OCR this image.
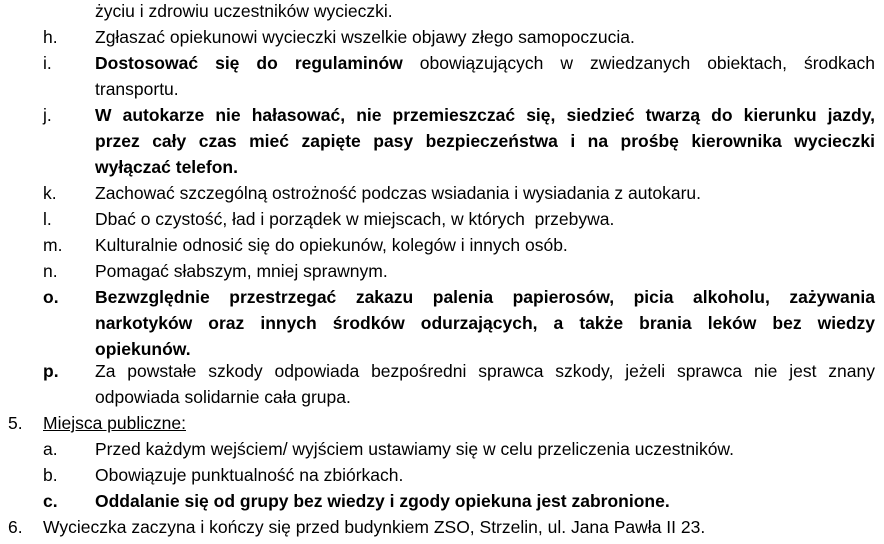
życiu i zdrowiu uczestników wycieczki.
h. Zgłaszać opiekunowi wycieczki wszelkie objawy złego samopoczucia.
i. Dostosować się do regulaminów obowiązujących w zwiedzanych obiektach, środkach
transportu.
j. W autokarze nie hałasować, nie przemieszczać się, siedzieć twarzą do kierunku jazdy,
przez cały czas mieć zapięte pasy bezpieczeństwa i na prośbę kierownika wycieczki
wyłączać telefon.
k. Zachować szczególną ostrożność podczas wsiadania i wysiadania z autokaru.
l. Dbać o czystość, ład i porządek w miejscach, w których  przebywa.
m. Kulturalnie odnosić się do opiekunów, kolegów i innych osób.
n. Pomagać słabszym, mniej sprawnym.
o. Bezwzględnie przestrzegać zakazu palenia papierosów, picia alkoholu, zażywania
narkotyków oraz innych środków odurzających, a także brania leków bez wiedzy
opiekunów.
p. Za powstałe szkody odpowiada bezpośredni sprawca szkody, jeżeli sprawca nie jest znany
odpowiada solidarnie cała grupa.
5. Miejsca publiczne:
a. Przed każdym wejściem/ wyjściem ustawiamy się w celu przeliczenia uczestników.
b. Obowiązuje punktualność na zbiórkach.
c. Oddalanie się od grupy bez wiedzy i zgody opiekuna jest zabronione.
6. Wycieczka zaczyna i kończy się przed budynkiem ZSO, Strzelin, ul. Jana Pawła II 23.
